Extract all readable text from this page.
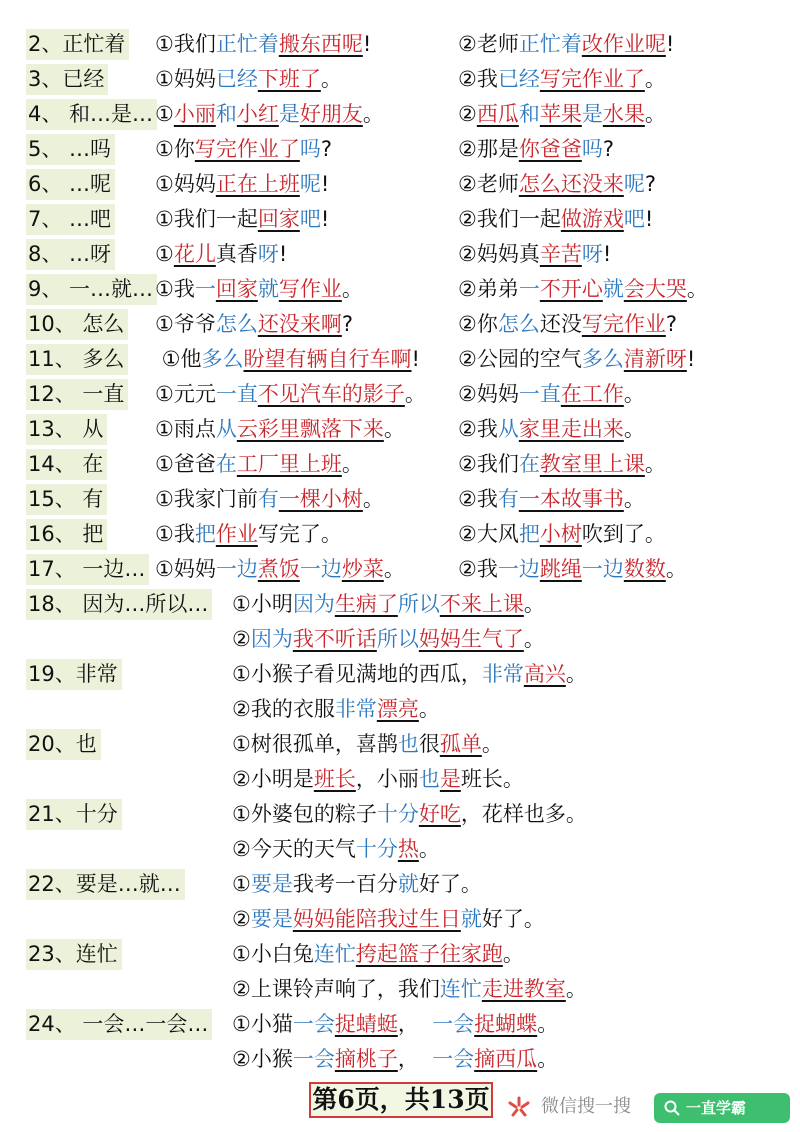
2、正忙着 ①我们正忙着搬东西呢!	②老师正忙着改作业呢!
3、已经 ①妈妈已经下班了。	②我已经写完作业了。
4、 和…是… ①小丽和小红是好朋友。	②西瓜和苹果是水果。
5、 …吗 ①你写完作业了吗?	②那是你爸爸吗?
6、 …呢 ①妈妈正在上班呢!	②老师怎么还没来呢?
7、 …吧 ①我们一起回家吧!	②我们一起做游戏吧!
8、 …呀 ①花儿真香呀!	②妈妈真辛苦呀!
9、 一…就… ①我一回家就写作业。	②弟弟一不开心就会大哭。
10、 怎么 ①爷爷怎么还没来啊?	②你怎么还没写完作业?
11、 多么 ①他多么盼望有辆自行车啊! ②公园的空气多么清新呀!
12、 一直 ①元元一直不见汽车的影子。 ②妈妈一直在工作。
13、 从 ①雨点从云彩里飘落下来。	②我从家里走出来。
14、 在 ①爸爸在工厂里上班。	②我们在教室里上课。
15、 有 ①我家门前有一棵小树。	②我有一本故事书。
16、 把 ①我把作业写完了。	②大风把小树吹到了。
17、 一边… ①妈妈一边煮饭一边炒菜。	②我一边跳绳一边数数。
18、 因为…所以… ①小明因为生病了所以不来上课。
②因为我不听话所以妈妈生气了。
19、非常	①小猴子看见满地的西瓜，非常高兴。
②我的衣服非常漂亮。
20、也	①树很孤单，喜鹊也很孤单。
②小明是班长，小丽也是班长。
21、十分	①外婆包的粽子十分好吃，花样也多。
②今天的天气十分热。
22、要是…就… ①要是我考一百分就好了。
②要是妈妈能陪我过生日就好了。
23、连忙	①小白兔连忙挎起篮子往家跑。
②上课铃声响了，我们连忙走进教室。
24、 一会…一会… ①小猫一会捉蜻蜓，  一会捉蝴蝶。
②小猴一会摘桃子，  一会摘西瓜。
第6页，共13页	微信搜一搜	一直学霸
